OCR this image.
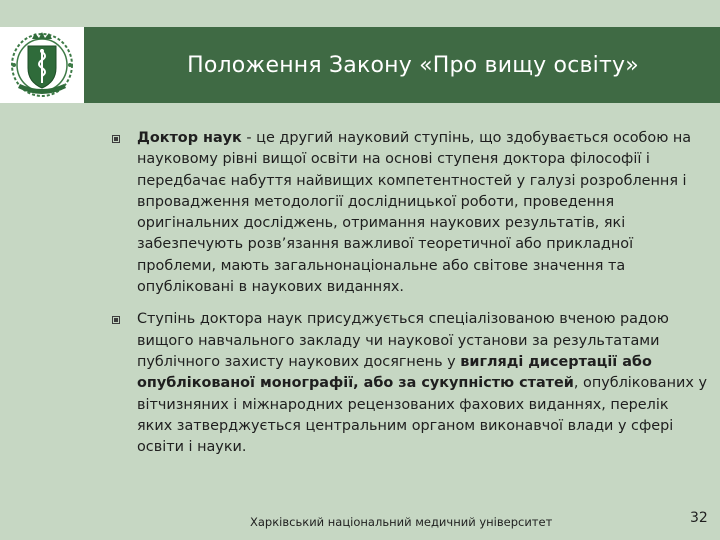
Положення Закону «Про вищу освіту»
Доктор наук - це другий науковий ступінь, що здобувається особою на науковому рівні вищої освіти на основі ступеня доктора філософії і передбачає набуття найвищих компетентностей у галузі розроблення і впровадження методології дослідницької роботи, проведення оригінальних досліджень, отримання наукових результатів, які забезпечують розв’язання важливої теоретичної або прикладної проблеми, мають загальнонаціональне або світове значення та опубліковані в наукових виданнях.
Ступінь доктора наук присуджується спеціалізованою вченою радою вищого навчального закладу чи наукової установи за результатами публічного захисту наукових досягнень у вигляді дисертації або опублікованої монографії, або за сукупністю статей, опублікованих у вітчизняних і міжнародних рецензованих фахових виданнях, перелік яких затверджується центральним органом виконавчої влади у сфері освіти і науки.
Харківський національний медичний університет	32
